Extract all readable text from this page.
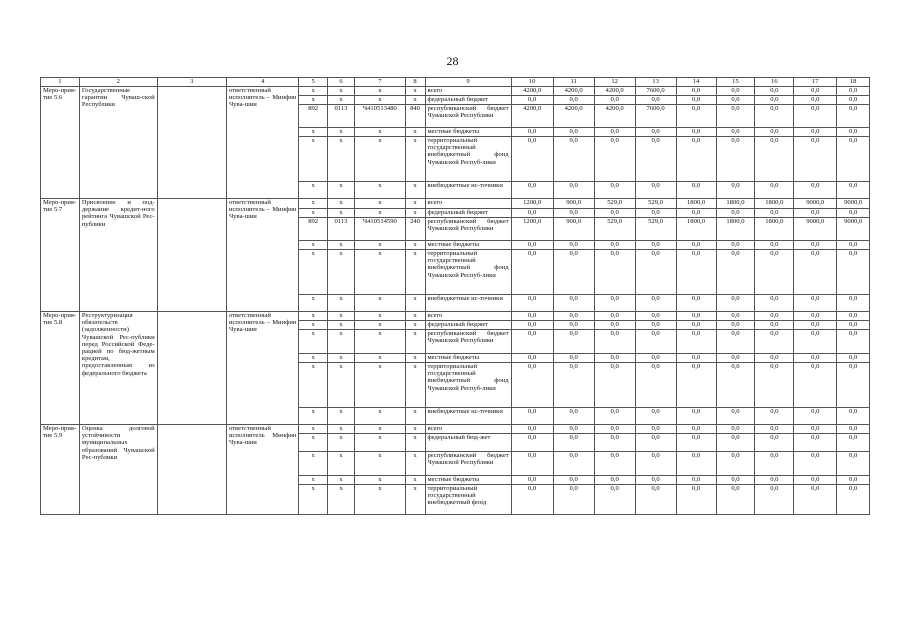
28
1	2	3	4	5	6	7	8	9	10	11	12	13	14	15	16	17	18
Меро-прия-тие 5.6	Государственные гарантии Чуваш-ской Республики		ответственный исполнитель – Минфин Чува-шии	x	x	x	x	всего	4200,0	4200,0	4200,0	7600,0	0,0	0,0	0,0	0,0	0,0
				x	x	x	x	федеральный бюджет	0,0	0,0	0,0	0,0	0,0	0,0	0,0	0,0	0,0
				892	0113	Ч410513480	840	республиканский бюджет Чувашской Республики	4200,0	4200,0	4200,0	7600,0	0,0	0,0	0,0	0,0	0,0
				x	x	x	x	местные бюджеты	0,0	0,0	0,0	0,0	0,0	0,0	0,0	0,0	0,0
				x	x	x	x	территориальный государственный внебюджетный фонд Чувашской Респуб-лики	0,0	0,0	0,0	0,0	0,0	0,0	0,0	0,0	0,0
				x	x	x	x	внебюджетные ис-точники	0,0	0,0	0,0	0,0	0,0	0,0	0,0	0,0	0,0
Меро-прия-тие 5.7	Присвоение и под-держание кредит-ного рейтинга Чувашской Рес-публики		ответственный исполнитель – Минфин Чува-шии	x	x	x	x	всего	1200,0	900,0	529,0	529,0	1800,0	1800,0	1800,0	9000,0	9000,0
				x	x	x	x	федеральный бюджет	0,0	0,0	0,0	0,0	0,0	0,0	0,0	0,0	0,0
				892	0113	Ч410514590	240	республиканский бюджет Чувашской Республики	1200,0	900,0	529,0	529,0	1800,0	1800,0	1800,0	9000,0	9000,0
				x	x	x	x	местные бюджеты	0,0	0,0	0,0	0,0	0,0	0,0	0,0	0,0	0,0
				x	x	x	x	территориальный государственный внебюджетный фонд Чувашской Респуб-лики	0,0	0,0	0,0	0,0	0,0	0,0	0,0	0,0	0,0
				x	x	x	x	внебюджетные ис-точники	0,0	0,0	0,0	0,0	0,0	0,0	0,0	0,0	0,0
Меро-прия-тие 5.8	Реструктуризация обязательств (задолженности) Чувашской Рес-публики перед Российской Феде-рацией по бюд-жетным кредитам, предоставленным из федерального бюджета		ответственный исполнитель – Минфин Чува-шии	x	x	x	x	всего	0,0	0,0	0,0	0,0	0,0	0,0	0,0	0,0	0,0
				x	x	x	x	федеральный бюджет	0,0	0,0	0,0	0,0	0,0	0,0	0,0	0,0	0,0
				x	x	x	x	республиканский бюджет Чувашской Республики	0,0	0,0	0,0	0,0	0,0	0,0	0,0	0,0	0,0
				x	x	x	x	местные бюджеты	0,0	0,0	0,0	0,0	0,0	0,0	0,0	0,0	0,0
				x	x	x	x	территориальный государственный внебюджетный фонд Чувашской Респуб-лики	0,0	0,0	0,0	0,0	0,0	0,0	0,0	0,0	0,0
				x	x	x	x	внебюджетные ис-точники	0,0	0,0	0,0	0,0	0,0	0,0	0,0	0,0	0,0
Меро-прия-тие 5.9	Оценка долговой устойчивости муниципальных образований Чувашской Рес-публики		ответственный исполнитель Минфин Чува-шии	x	x	x	x	всего	0,0	0,0	0,0	0,0	0,0	0,0	0,0	0,0	0,0
				x	x	x	x	федеральный бюд-жет	0,0	0,0	0,0	0,0	0,0	0,0	0,0	0,0	0,0
				x	x	x	x	республиканский бюджет Чувашской Республики	0,0	0,0	0,0	0,0	0,0	0,0	0,0	0,0	0,0
				x	x	x	x	местные бюджеты	0,0	0,0	0,0	0,0	0,0	0,0	0,0	0,0	0,0
				x	x	x	x	территориальный государственный внебюджетный фонд	0,0	0,0	0,0	0,0	0,0	0,0	0,0	0,0	0,0
